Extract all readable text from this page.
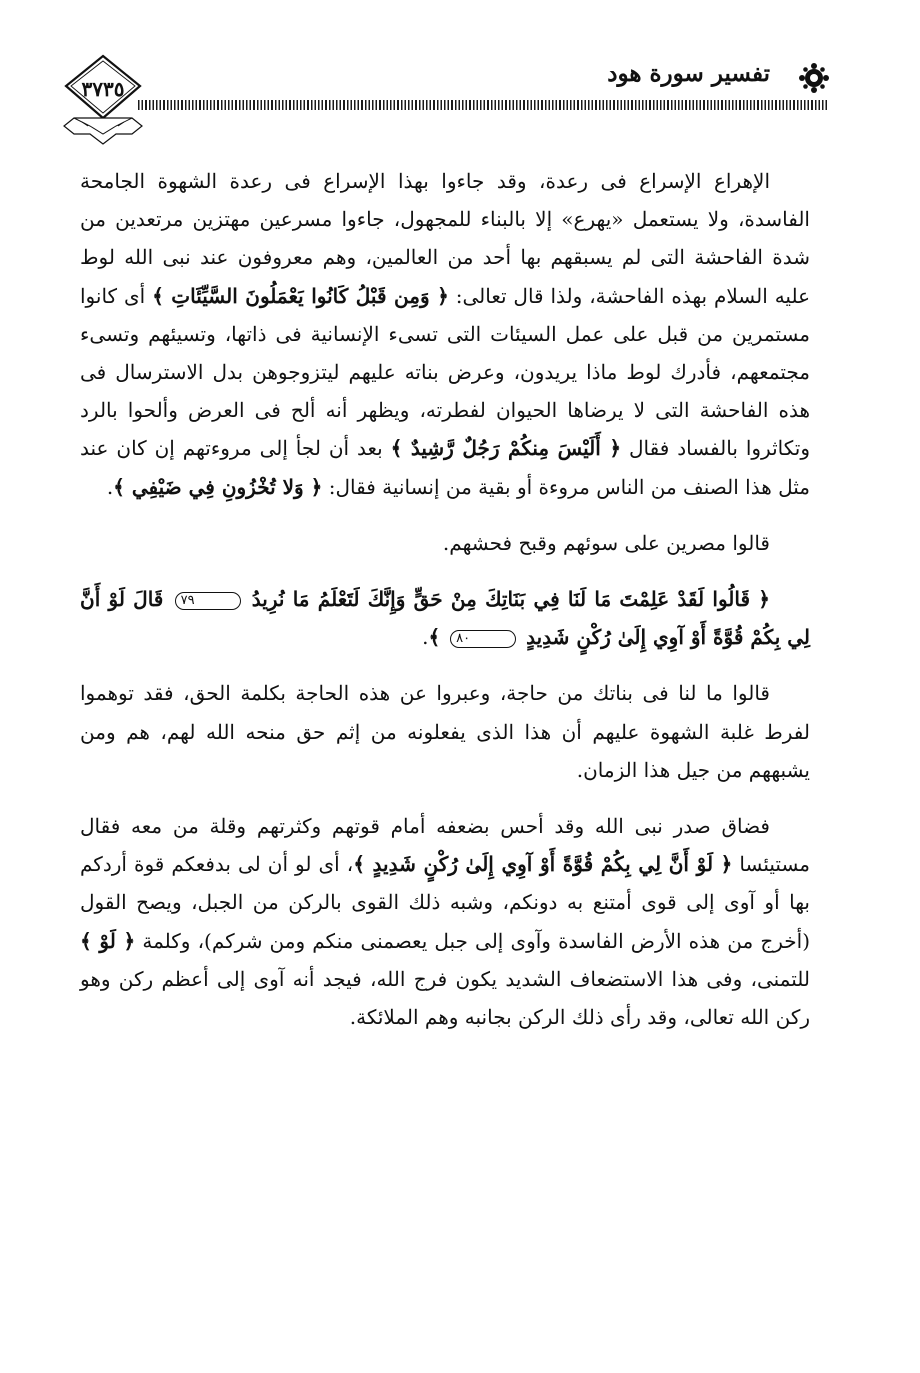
٣٧٣٥
تفسير سورة هود

الإهراع الإسراع فى رعدة، وقد جاءوا بهذا الإسراع فى رعدة الشهوة الجامحة الفاسدة، ولا يستعمل «يهرع» إلا بالبناء للمجهول، جاءوا مسرعين مهتزين مرتعدين من شدة الفاحشة التى لم يسبقهم بها أحد من العالمين، وهم معروفون عند نبى الله لوط عليه السلام بهذه الفاحشة، ولذا قال تعالى: ﴿ وَمِن قَبْلُ كَانُوا يَعْمَلُونَ السَّيِّئَاتِ ﴾ أى كانوا مستمرين من قبل على عمل السيئات التى تسىء الإنسانية فى ذاتها، وتسيئهم وتسىء مجتمعهم، فأدرك لوط ماذا يريدون، وعرض بناته عليهم ليتزوجوهن بدل الاسترسال فى هذه الفاحشة التى لا يرضاها الحيوان لفطرته، ويظهر أنه ألح فى العرض وألحوا بالرد وتكاثروا بالفساد فقال ﴿ أَلَيْسَ مِنكُمْ رَجُلٌ رَّشِيدٌ ﴾ بعد أن لجأ إلى مروءتهم إن كان عند مثل هذا الصنف من الناس مروءة أو بقية من إنسانية فقال: ﴿ وَلا تُخْزُونِ فِي ضَيْفِي ﴾.

قالوا مصرين على سوئهم وقبح فحشهم.

﴿ قَالُوا لَقَدْ عَلِمْتَ مَا لَنَا فِي بَنَاتِكَ مِنْ حَقٍّ وَإِنَّكَ لَتَعْلَمُ مَا نُرِيدُ ٧٩ قَالَ لَوْ أَنَّ لِي بِكُمْ قُوَّةً أَوْ آوِي إِلَىٰ رُكْنٍ شَدِيدٍ ٨٠ ﴾.

قالوا ما لنا فى بناتك من حاجة، وعبروا عن هذه الحاجة بكلمة الحق، فقد توهموا لفرط غلبة الشهوة عليهم أن هذا الذى يفعلونه من إثم حق منحه الله لهم، هم ومن يشبههم من جيل هذا الزمان.

فضاق صدر نبى الله وقد أحس بضعفه أمام قوتهم وكثرتهم وقلة من معه فقال مستيئسا ﴿ لَوْ أَنَّ لِي بِكُمْ قُوَّةً أَوْ آوِي إِلَىٰ رُكْنٍ شَدِيدٍ ﴾، أى لو أن لى بدفعكم قوة أردكم بها أو آوى إلى قوى أمتنع به دونكم، وشبه ذلك القوى بالركن من الجبل، ويصح القول (أخرج من هذه الأرض الفاسدة وآوى إلى جبل يعصمنى منكم ومن شركم)، وكلمة ﴿ لَوْ ﴾ للتمنى، وفى هذا الاستضعاف الشديد يكون فرج الله، فيجد أنه آوى إلى أعظم ركن وهو ركن الله تعالى، وقد رأى ذلك الركن بجانبه وهم الملائكة.
